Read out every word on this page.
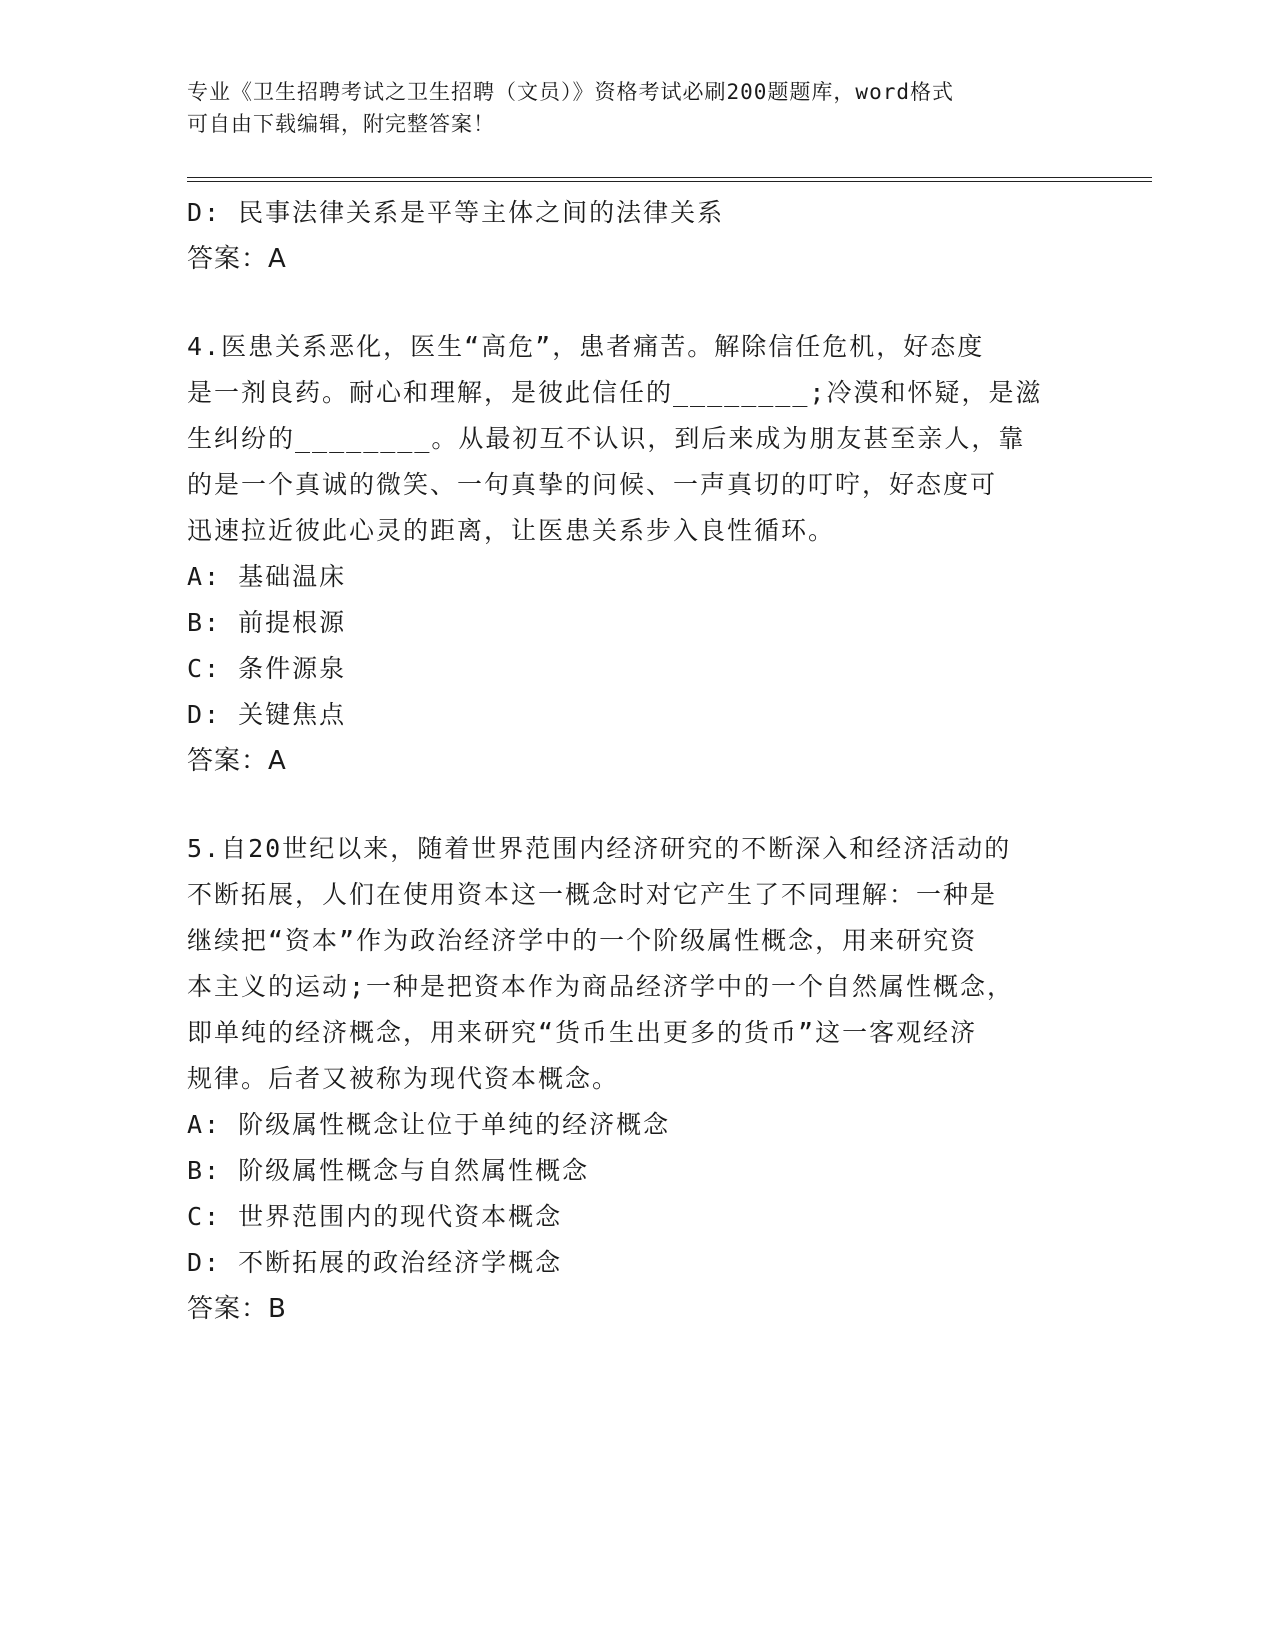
专业《卫生招聘考试之卫生招聘（文员）》资格考试必刷200题题库，word格式
可自由下载编辑，附完整答案！
D: 民事法律关系是平等主体之间的法律关系
答案：A
4.医患关系恶化，医生“高危”，患者痛苦。解除信任危机，好态度
是一剂良药。耐心和理解，是彼此信任的________;冷漠和怀疑，是滋
生纠纷的________。从最初互不认识，到后来成为朋友甚至亲人，靠
的是一个真诚的微笑、一句真挚的问候、一声真切的叮咛，好态度可
迅速拉近彼此心灵的距离，让医患关系步入良性循环。
A: 基础温床
B: 前提根源
C: 条件源泉
D: 关键焦点
答案：A
5.自20世纪以来，随着世界范围内经济研究的不断深入和经济活动的
不断拓展，人们在使用资本这一概念时对它产生了不同理解：一种是
继续把“资本”作为政治经济学中的一个阶级属性概念，用来研究资
本主义的运动;一种是把资本作为商品经济学中的一个自然属性概念，
即单纯的经济概念，用来研究“货币生出更多的货币”这一客观经济
规律。后者又被称为现代资本概念。
A: 阶级属性概念让位于单纯的经济概念
B: 阶级属性概念与自然属性概念
C: 世界范围内的现代资本概念
D: 不断拓展的政治经济学概念
答案：B
